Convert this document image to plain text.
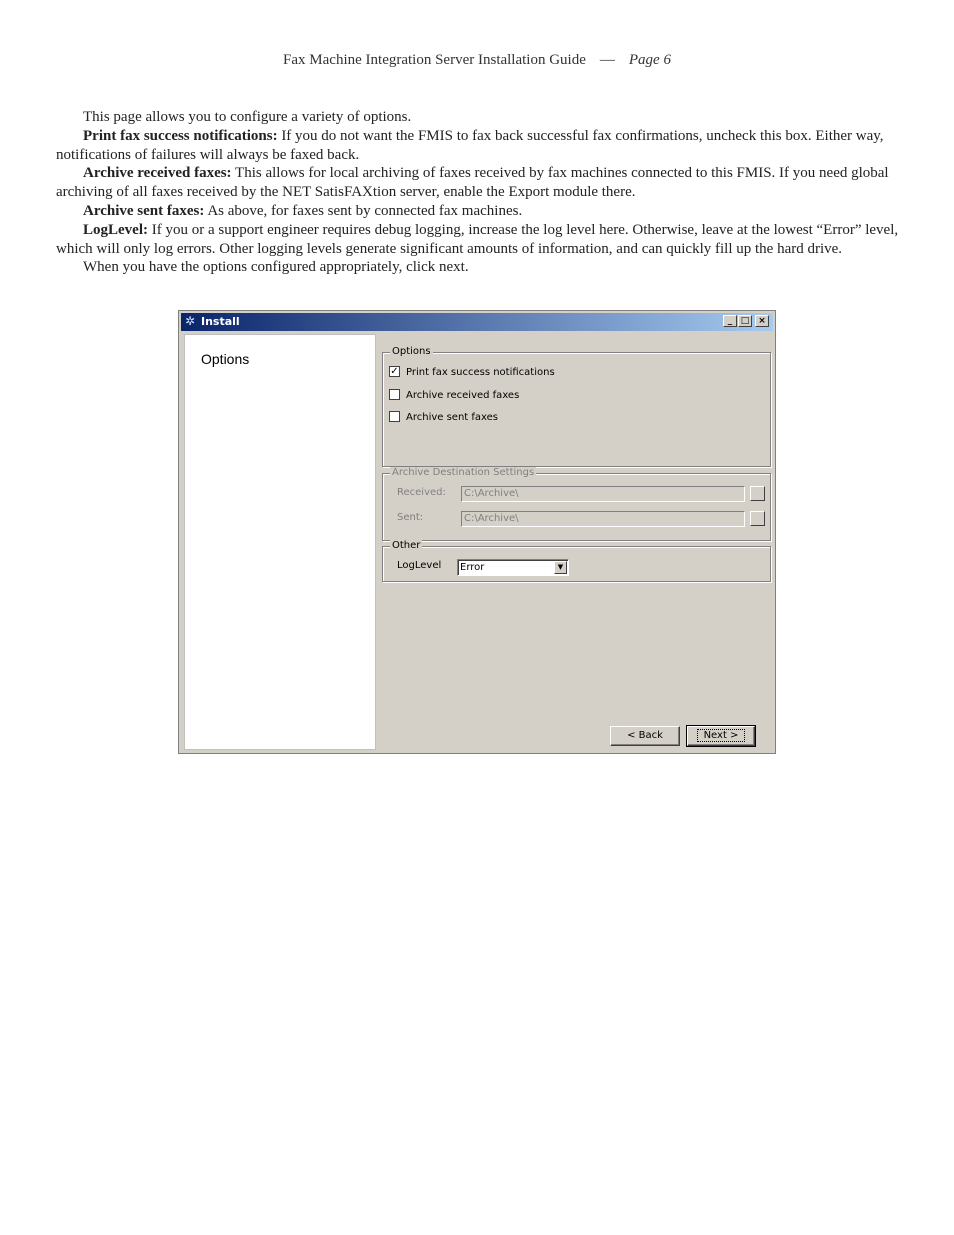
Fax Machine Integration Server Installation Guide — Page 6

This page allows you to configure a variety of options.

Print fax success notifications: If you do not want the FMIS to fax back successful fax confirmations, uncheck this box. Either way, notifications of failures will always be faxed back.

Archive received faxes: This allows for local archiving of faxes received by fax machines connected to this FMIS. If you need global archiving of all faxes received by the NET SatisFAXtion server, enable the Export module there.

Archive sent faxes: As above, for faxes sent by connected fax machines.

LogLevel: If you or a support engineer requires debug logging, increase the log level here. Otherwise, leave at the lowest “Error” level, which will only log errors. Other logging levels generate significant amounts of information, and can quickly fill up the hard drive.

When you have the options configured appropriately, click next.

✲ Install	_ □ ×
Options	Options
✓ Print fax success notifications
Archive received faxes
Archive sent faxes
Archive Destination Settings
Received:	C:\Archive\
Sent:	C:\Archive\
Other
LogLevel	Error	▼
< Back	Next >
